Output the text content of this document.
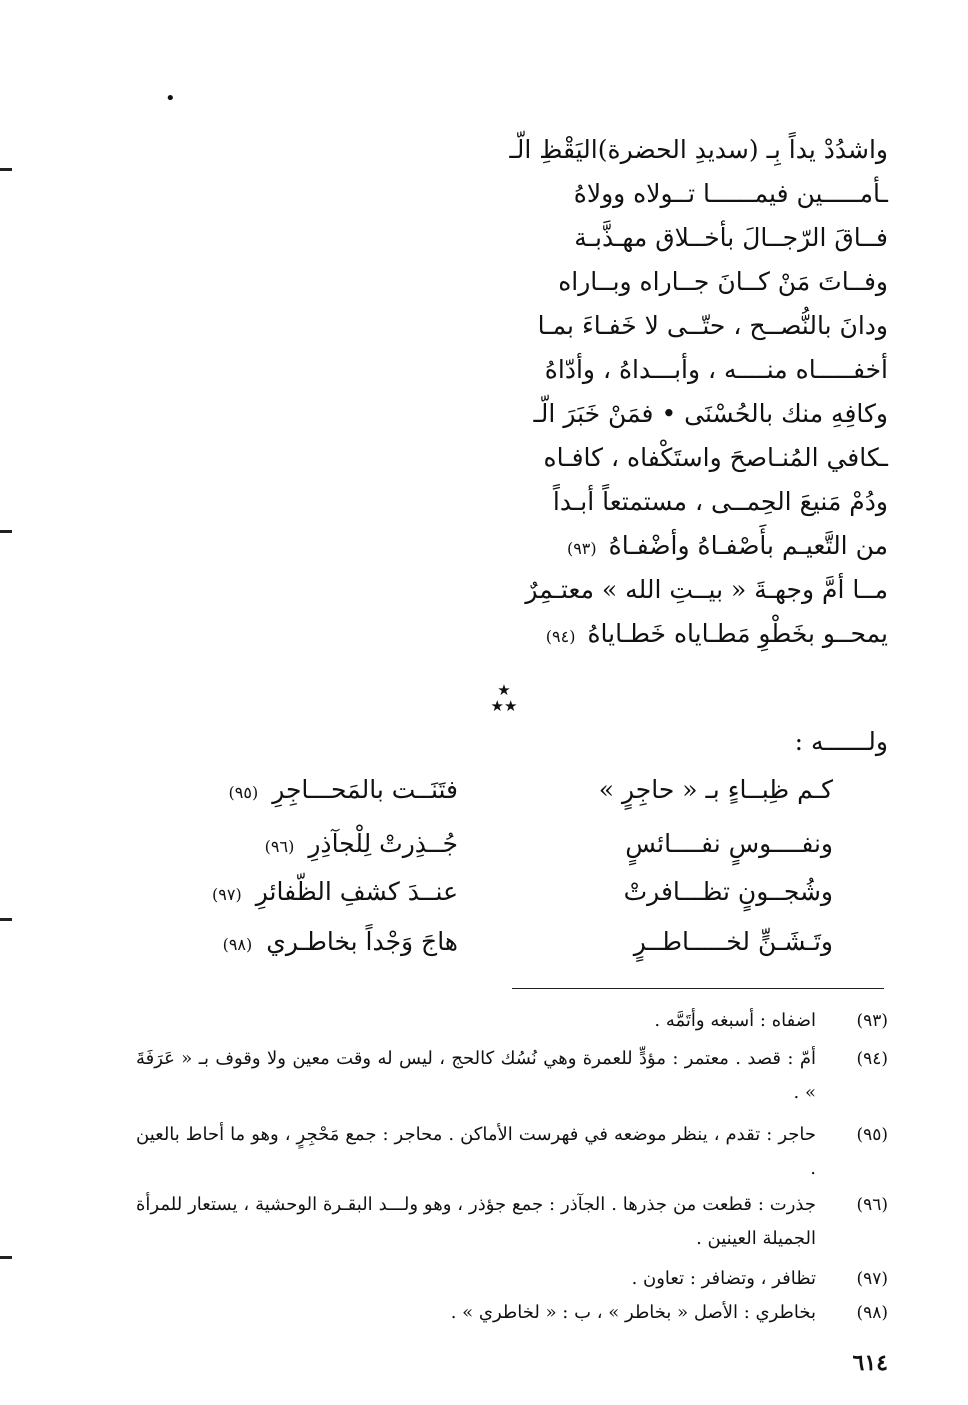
•
واشدُدْ يداً بِـ (سديدِ الحضرة)اليَقْظِ الّـ
ـأمـــــين فيمــــــا تــولاه وولاهُ
فــاقَ الرّجــالَ بأخــلاق مهـذَّبـة
وفــاتَ مَنْ كــانَ جــاراه وبــاراه
ودانَ بالنُّصــح ، حتّــى لا خَفـاءَ بمـا
أخفـــــاه منــــه ، وأبـــداهُ ، وأدّاهُ
وكافِهِ منك بالحُسْنَى • فمَنْ خَبَرَ الّـ
ـكافي المُنـاصحَ واستَكْفاه ، كافـاه
ودُمْ مَنيعَ الحِمــى ، مستمتعاً أبـداً
من التَّعيـم بأَصْفـاهُ وأضْفـاهُ(٩٣)
مــا أمَّ وجهـةَ « بيــتِ الله » معتـمِرٌ
يمحــو بخَطْوِ مَطـاياه خَطـاياهُ(٩٤)
★
★★
ولــــــه :
كـم ظِبــاءٍ بـ « حاجِرٍ »
فتَنَــت بالمَحـــاجِرِ(٩٥)
ونفــــوسٍ نفــــائسٍ
جُــذِرتْ لِلْجآذِرِ(٩٦)
وشُجــونٍ تظـــافرتْ
عنــدَ كشفِ الظّفائرِ(٩٧)
وتَـشَـنٍّ لخـــــاطــرٍ
هاجَ وَجْداً بخاطـري(٩٨)
(٩٣)
اضفاه : أسبغه وأتَمَّه .
(٩٤)
أمّ : قصد . معتمر : مؤدٍّ للعمرة وهي نُسُك كالحج ، ليس له وقت معين ولا وقوف بـ « عَرَفَةَ » .
(٩٥)
حاجر : تقدم ، ينظر موضعه في فهرست الأماكن . محاجر : جمع مَحْجِرٍ ، وهو ما أحاط بالعين .
(٩٦)
جذرت : قطعت من جذرها . الجآذر : جمع جؤذر ، وهو ولـــد البقـرة الوحشية ، يستعار للمرأة الجميلة العينين .
(٩٧)
تظافر ، وتضافر : تعاون .
(٩٨)
بخاطري : الأصل « بخاطر » ، ب : « لخاطري » .
٦١٤
